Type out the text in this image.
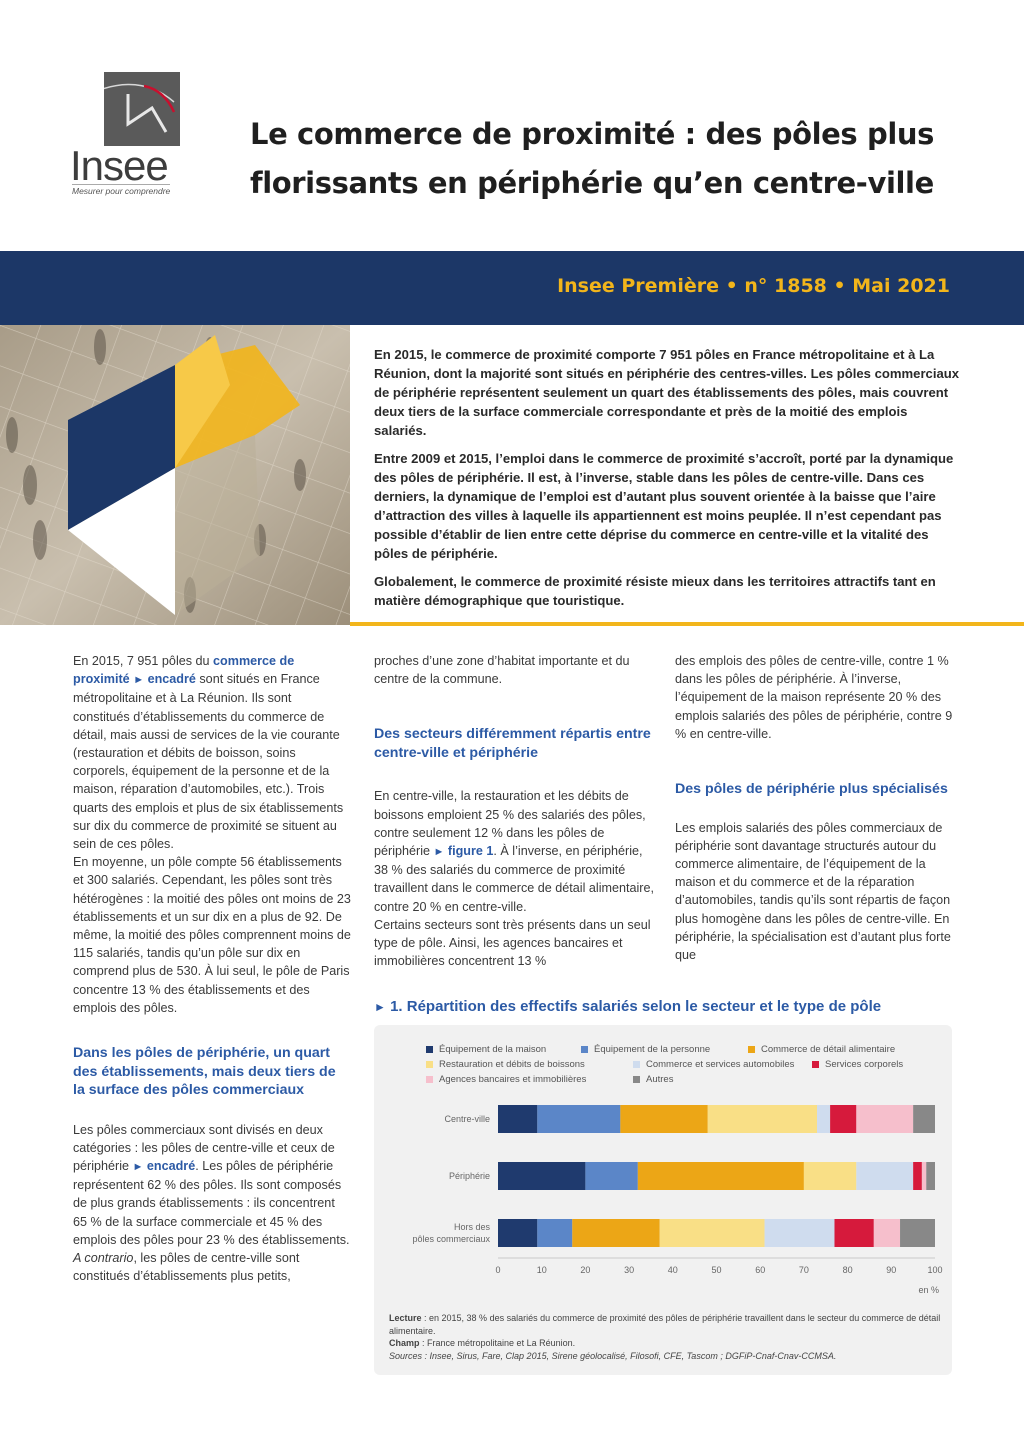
Insee
Mesurer pour comprendre
Le commerce de proximité : des pôles plus
florissants en périphérie qu’en centre-ville
Insee Première • n° 1858 • Mai 2021

En 2015, le commerce de proximité comporte 7 951 pôles en France métropolitaine et à La Réunion, dont la majorité sont situés en périphérie des centres-villes. Les pôles commerciaux de périphérie représentent seulement un quart des établissements des pôles, mais couvrent deux tiers de la surface commerciale correspondante et près de la moitié des emplois salariés.

Entre 2009 et 2015, l’emploi dans le commerce de proximité s’accroît, porté par la dynamique des pôles de périphérie. Il est, à l’inverse, stable dans les pôles de centre-ville. Dans ces derniers, la dynamique de l’emploi est d’autant plus souvent orientée à la baisse que l’aire d’attraction des villes à laquelle ils appartiennent est moins peuplée. Il n’est cependant pas possible d’établir de lien entre cette déprise du commerce en centre-ville et la vitalité des pôles de périphérie.

Globalement, le commerce de proximité résiste mieux dans les territoires attractifs tant en matière démographique que touristique.

En 2015, 7 951 pôles du commerce de proximité ► encadré sont situés en France métropolitaine et à La Réunion. Ils sont constitués d’établissements du commerce de détail, mais aussi de services de la vie courante (restauration et débits de boisson, soins corporels, équipement de la personne et de la maison, réparation d’automobiles, etc.). Trois quarts des emplois et plus de six établissements sur dix du commerce de proximité se situent au sein de ces pôles.

En moyenne, un pôle compte 56 établissements et 300 salariés. Cependant, les pôles sont très hétérogènes : la moitié des pôles ont moins de 23 établissements et un sur dix en a plus de 92. De même, la moitié des pôles comprennent moins de 115 salariés, tandis qu’un pôle sur dix en comprend plus de 530. À lui seul, le pôle de Paris concentre 13 % des établissements et des emplois des pôles.

Dans les pôles de périphérie, un quart des établissements, mais deux tiers de la surface des pôles commerciaux

Les pôles commerciaux sont divisés en deux catégories : les pôles de centre-ville et ceux de périphérie ► encadré. Les pôles de périphérie représentent 62 % des pôles. Ils sont composés de plus grands établissements : ils concentrent 65 % de la surface commerciale et 45 % des emplois des pôles pour 23 % des établissements.

A contrario, les pôles de centre-ville sont constitués d’établissements plus petits,

proches d’une zone d’habitat importante et du centre de la commune.

Des secteurs différemment répartis entre centre-ville et périphérie

En centre-ville, la restauration et les débits de boissons emploient 25 % des salariés des pôles, contre seulement 12 % dans les pôles de périphérie ► figure 1. À l’inverse, en périphérie, 38 % des salariés du commerce de proximité travaillent dans le commerce de détail alimentaire, contre 20 % en centre-ville.

Certains secteurs sont très présents dans un seul type de pôle. Ainsi, les agences bancaires et immobilières concentrent 13 %

des emplois des pôles de centre-ville, contre 1 % dans les pôles de périphérie. À l’inverse, l’équipement de la maison représente 20 % des emplois salariés des pôles de périphérie, contre 9 % en centre-ville.

Des pôles de périphérie plus spécialisés

Les emplois salariés des pôles commerciaux de périphérie sont davantage structurés autour du commerce alimentaire, de l’équipement de la maison et du commerce et de la réparation d’automobiles, tandis qu’ils sont répartis de façon plus homogène dans les pôles de centre-ville. En périphérie, la spécialisation est d’autant plus forte que

► 1. Répartition des effectifs salariés selon le secteur et le type de pôle
Équipement de la maison	Équipement de la personne	Commerce de détail alimentaire
Restauration et débits de boissons	Commerce et services automobiles	Services corporels
Agences bancaires et immobilières	Autres
Centre-ville
Périphérie
Hors des pôles commerciaux
0	10	20	30	40	50	60	70	80	90	100
en %
Lecture : en 2015, 38 % des salariés du commerce de proximité des pôles de périphérie travaillent dans le secteur du commerce de détail alimentaire.
Champ : France métropolitaine et La Réunion.
Sources : Insee, Sirus, Fare, Clap 2015, Sirene géolocalisé, Filosofi, CFE, Tascom ; DGFiP-Cnaf-Cnav-CCMSA.
